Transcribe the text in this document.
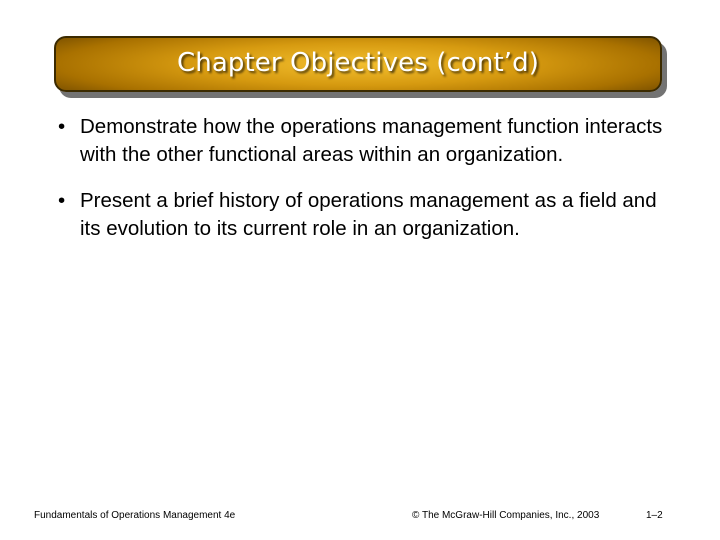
Chapter Objectives (cont’d)
• Demonstrate how the operations management function interacts with the other functional areas within an organization.
• Present a brief history of operations management as a field and its evolution to its current role in an organization.
Fundamentals of Operations Management 4e	© The McGraw-Hill Companies, Inc., 2003	1–2
